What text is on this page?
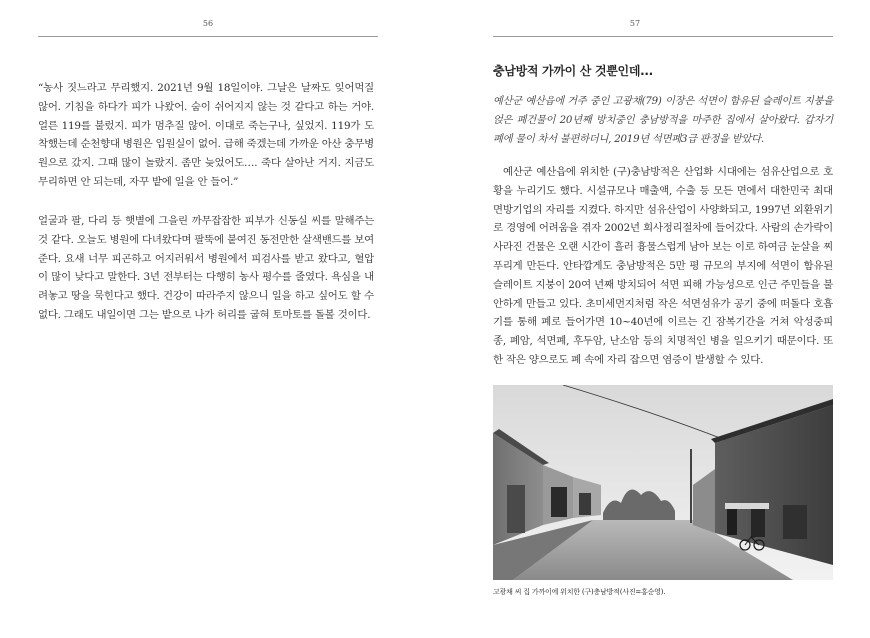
56

“농사 짓느라고 무리했지. 2021년 9월 18일이야. 그날은 날짜도 잊어먹질 않어. 기침을 하다가 피가 나왔어. 숨이 쉬어지지 않는 것 같다고 하는 거야. 얼른 119를 불렀지. 피가 멈추질 않어. 이대로 죽는구나, 싶었지. 119가 도착했는데 순천향대 병원은 입원실이 없어. 급해 죽겠는데 가까운 아산 충무병원으로 갔지. 그때 많이 놀랐지. 좀만 늦었어도…. 죽다 살아난 거지. 지금도 무리하면 안 되는데, 자꾸 밭에 일을 안 들어.”

얼굴과 팔, 다리 등 햇볕에 그을린 까무잡잡한 피부가 신동실 씨를 말해주는 것 같다. 오늘도 병원에 다녀왔다며 팔뚝에 붙여진 동전만한 살색밴드를 보여준다. 요새 너무 피곤하고 어지러워서 병원에서 피검사를 받고 왔다고, 혈압이 많이 낮다고 말한다. 3년 전부터는 다행히 농사 평수를 줄였다. 욕심을 내려놓고 땅을 묵힌다고 했다. 건강이 따라주지 않으니 일을 하고 싶어도 할 수 없다. 그래도 내일이면 그는 밭으로 나가 허리를 굽혀 토마토를 돌볼 것이다.

57
충남방적 가까이 산 것뿐인데...

예산군 예산읍에 거주 중인 고광채(79) 이장은 석면이 함유된 슬레이트 지붕을 얹은 폐건물이 20년째 방치중인 충남방적을 마주한 집에서 살아왔다. 갑자기 폐에 물이 차서 불편하더니, 2019년 석면폐3급 판정을 받았다.

예산군 예산읍에 위치한 (구)충남방적은 산업화 시대에는 섬유산업으로 호황을 누리기도 했다. 시설규모나 매출액, 수출 등 모든 면에서 대한민국 최대 면방기업의 자리를 지켰다. 하지만 섬유산업이 사양화되고, 1997년 외환위기로 경영에 어려움을 겪자 2002년 회사정리절차에 들어갔다. 사람의 손가락이 사라진 건물은 오랜 시간이 흘러 흉물스럽게 남아 보는 이로 하여금 눈살을 찌푸리게 만든다. 안타깝게도 충남방적은 5만 평 규모의 부지에 석면이 함유된 슬레이트 지붕이 20여 년째 방치되어 석면 피해 가능성으로 인근 주민들을 불안하게 만들고 있다. 초미세먼지처럼 작은 석면섬유가 공기 중에 떠돌다 호흡기를 통해 폐로 들어가면 10~40년에 이르는 긴 잠복기간을 거쳐 악성중피종, 폐암, 석면폐, 후두암, 난소암 등의 치명적인 병을 일으키기 때문이다. 또한 작은 양으로도 폐 속에 자리 잡으면 염증이 발생할 수 있다.

고광채 씨 집 가까이에 위치한 (구)충남방적(사진=홍순영).
